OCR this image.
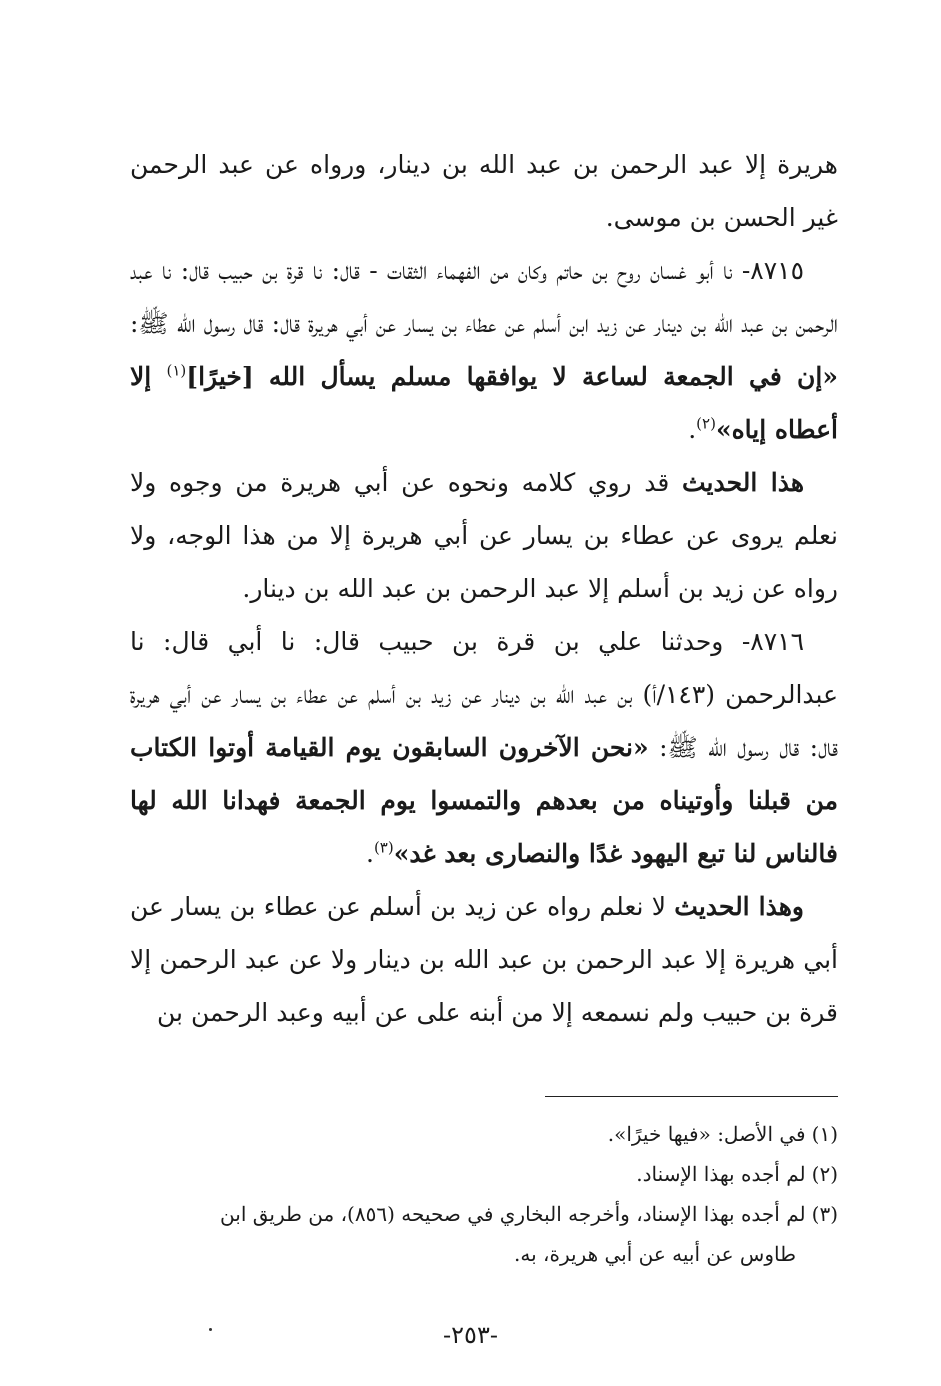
هريرة إلا عبد الرحمن بن عبد الله بن دينار، ورواه عن عبد الرحمن غير الحسن بن موسى.

٨٧١٥- نا أبو غسان روح بن حاتم وكان من الفهماء الثقات - قال: نا قرة بن حبيب قال: نا عبد الرحمن بن عبد الله بن دينار عن زيد ابن أسلم عن عطاء بن يسار عن أبي هريرة قال: قال رسول الله ﷺ: «إن في الجمعة لساعة لا يوافقها مسلم يسأل الله [خيرًا]$^{(١)}$ إلا أعطاه إياه»$^{(٢)}$.

هذا الحديث قد روي كلامه ونحوه عن أبي هريرة من وجوه ولا نعلم يروى عن عطاء بن يسار عن أبي هريرة إلا من هذا الوجه، ولا رواه عن زيد بن أسلم إلا عبد الرحمن بن عبد الله بن دينار.

٨٧١٦- وحدثنا علي بن قرة بن حبيب قال: نا أبي قال: نا عبدالرحمن (١٤٣/أ) بن عبد الله بن دينار عن زيد بن أسلم عن عطاء بن يسار عن أبي هريرة قال: قال رسول الله ﷺ: «نحن الآخرون السابقون يوم القيامة أوتوا الكتاب من قبلنا وأوتيناه من بعدهم والتمسوا يوم الجمعة فهدانا الله لها فالناس لنا تبع اليهود غدًا والنصارى بعد غد»$^{(٣)}$.

وهذا الحديث لا نعلم رواه عن زيد بن أسلم عن عطاء بن يسار عن أبي هريرة إلا عبد الرحمن بن عبد الله بن دينار ولا عن عبد الرحمن إلا قرة بن حبيب ولم نسمعه إلا من أبنه على عن أبيه وعبد الرحمن بن

(١)في الأصل: «فيها خيرًا».

(٢)لم أجده بهذا الإسناد.

(٣)لم أجده بهذا الإسناد، وأخرجه البخاري في صحيحه (٨٥٦)، من طريق ابن

طاوس عن أبيه عن أبي هريرة، به.

-٢٥٣-
